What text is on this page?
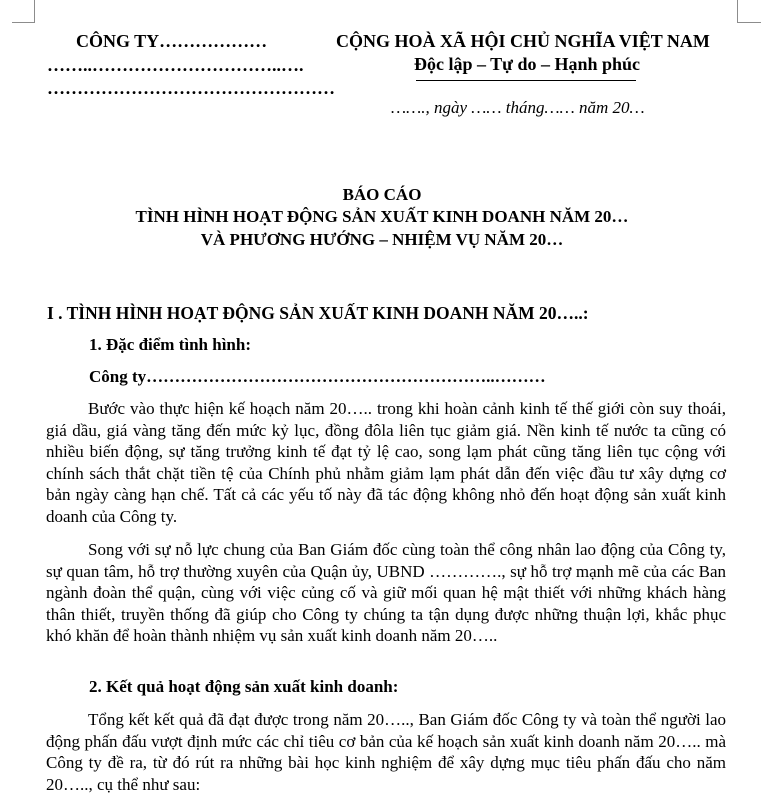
CÔNG TY………………
……..…………………………..….
…………………………………………
CỘNG HOÀ XÃ HỘI CHỦ NGHĨA VIỆT NAM
Độc lập – Tự do – Hạnh phúc
……., ngày …… tháng…… năm 20…
BÁO CÁO
TÌNH HÌNH HOẠT ĐỘNG SẢN XUẤT KINH DOANH NĂM 20…
VÀ PHƯƠNG HƯỚNG – NHIỆM VỤ NĂM 20…
I . TÌNH HÌNH HOẠT ĐỘNG SẢN XUẤT KINH DOANH NĂM 20…..:
1. Đặc điểm tình hình:
Công ty……………………………………………………..………

Bước vào thực hiện kế hoạch năm 20….. trong khi hoàn cảnh kinh tế thế giới còn suy thoái, giá dầu, giá vàng tăng đến mức kỷ lục, đồng đôla liên tục giảm giá. Nền kinh tế nước ta cũng có nhiều biến động, sự tăng trưởng kinh tế đạt tỷ lệ cao, song lạm phát cũng tăng liên tục cộng với chính sách thắt chặt tiền tệ của Chính phủ nhằm giảm lạm phát dẫn đến việc đầu tư xây dựng cơ bản ngày càng hạn chế. Tất cả các yếu tố này đã tác động không nhỏ đến hoạt động sản xuất kinh doanh của Công ty.

Song với sự nỗ lực chung của Ban Giám đốc cùng toàn thể công nhân lao động của Công ty, sự quan tâm, hỗ trợ thường xuyên của Quận ủy, UBND …………., sự hỗ trợ mạnh mẽ của các Ban ngành đoàn thể quận, cùng với việc củng cố và giữ mối quan hệ mật thiết với những khách hàng thân thiết, truyền thống đã giúp cho Công ty chúng ta tận dụng được những thuận lợi, khắc phục khó khăn để hoàn thành nhiệm vụ sản xuất kinh doanh năm 20…..

2. Kết quả hoạt động sản xuất kinh doanh:

Tổng kết kết quả đã đạt được trong năm 20….., Ban Giám đốc Công ty và toàn thể người lao động phấn đấu vượt định mức các chỉ tiêu cơ bản của kế hoạch sản xuất kinh doanh năm 20….. mà Công ty đề ra, từ đó rút ra những bài học kinh nghiệm để xây dựng mục tiêu phấn đấu cho năm 20….., cụ thể như sau:
